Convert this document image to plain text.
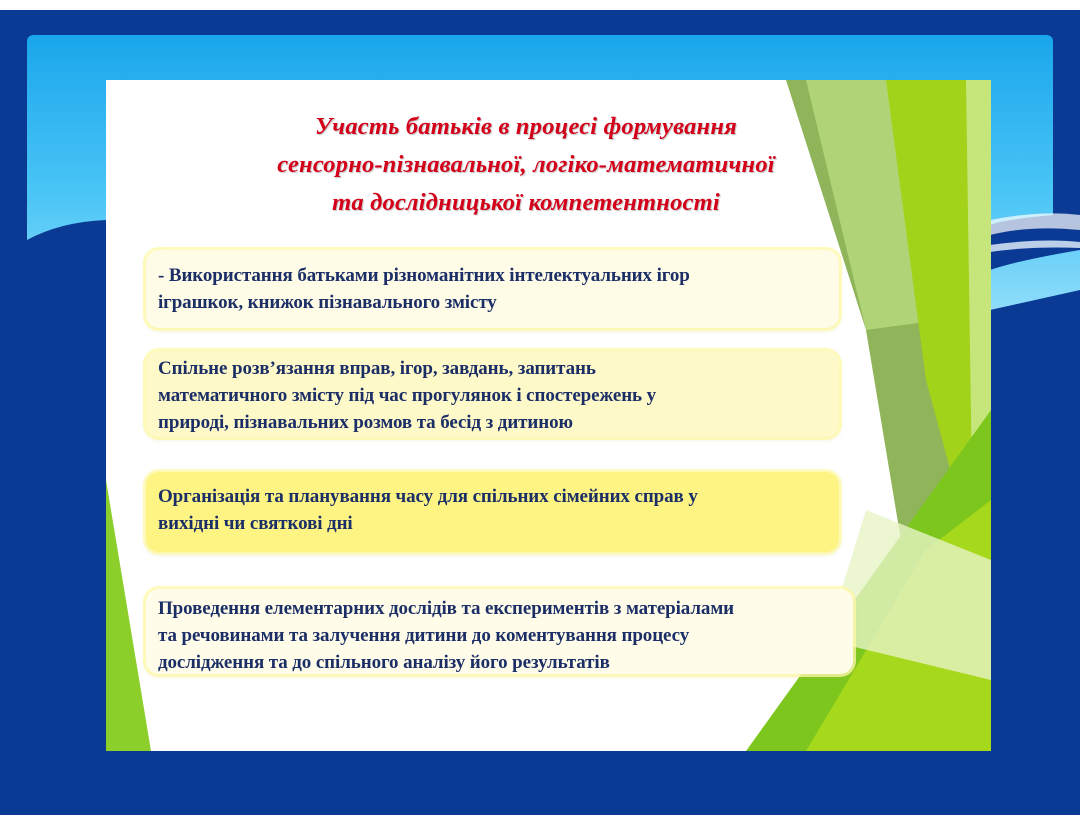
Участь батьків в процесі формування
сенсорно-пізнавальної, логіко-математичної
та дослідницької компетентності
- Використання батьками різноманітних інтелектуальних ігор
іграшкок, книжок пізнавального змісту
Спільне розв’язання вправ, ігор, завдань, запитань
математичного змісту під час прогулянок і спостережень у
природі, пізнавальних розмов та бесід з дитиною
Організація та планування часу для спільних сімейних справ у
вихідні чи святкові дні
Проведення елементарних дослідів та експериментів з матеріалами
та речовинами та залучення дитини до коментування процесу
дослідження та до спільного аналізу його результатів
